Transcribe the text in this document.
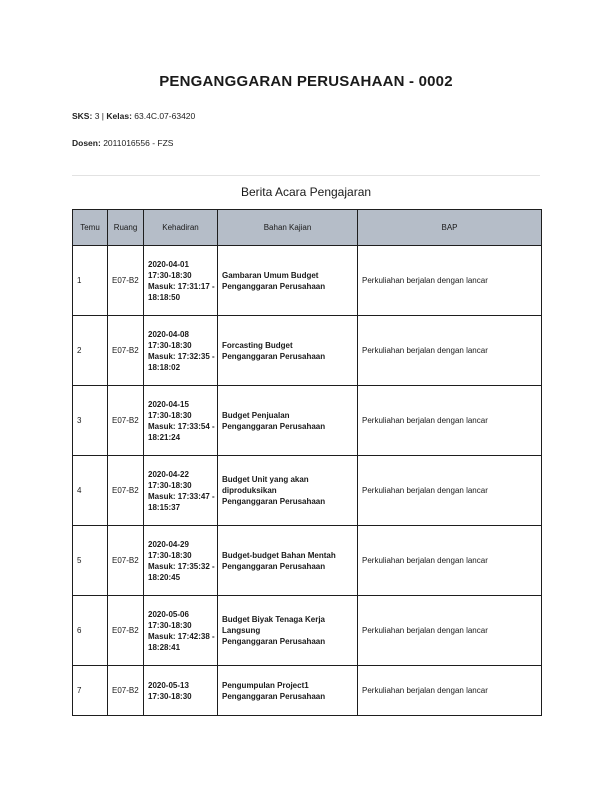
PENGANGGARAN PERUSAHAAN - 0002
SKS: 3 | Kelas: 63.4C.07-63420
Dosen: 2011016556 - FZS
Berita Acara Pengajaran
Temu	Ruang	Kehadiran	Bahan Kajian	BAP
1	E07-B2	2020-04-01
17:30-18:30
Masuk: 17:31:17 -
18:18:50	Gambaran Umum Budget
Penganggaran Perusahaan	Perkuliahan berjalan dengan lancar
2	E07-B2	2020-04-08
17:30-18:30
Masuk: 17:32:35 -
18:18:02	Forcasting Budget
Penganggaran Perusahaan	Perkuliahan berjalan dengan lancar
3	E07-B2	2020-04-15
17:30-18:30
Masuk: 17:33:54 -
18:21:24	Budget Penjualan
Penganggaran Perusahaan	Perkuliahan berjalan dengan lancar
4	E07-B2	2020-04-22
17:30-18:30
Masuk: 17:33:47 -
18:15:37	Budget Unit yang akan diproduksikan
Penganggaran Perusahaan	Perkuliahan berjalan dengan lancar
5	E07-B2	2020-04-29
17:30-18:30
Masuk: 17:35:32 -
18:20:45	Budget-budget Bahan Mentah
Penganggaran Perusahaan	Perkuliahan berjalan dengan lancar
6	E07-B2	2020-05-06
17:30-18:30
Masuk: 17:42:38 -
18:28:41	Budget Biyak Tenaga Kerja Langsung
Penganggaran Perusahaan	Perkuliahan berjalan dengan lancar
7	E07-B2	2020-05-13
17:30-18:30	Pengumpulan Project1
Penganggaran Perusahaan	Perkuliahan berjalan dengan lancar
